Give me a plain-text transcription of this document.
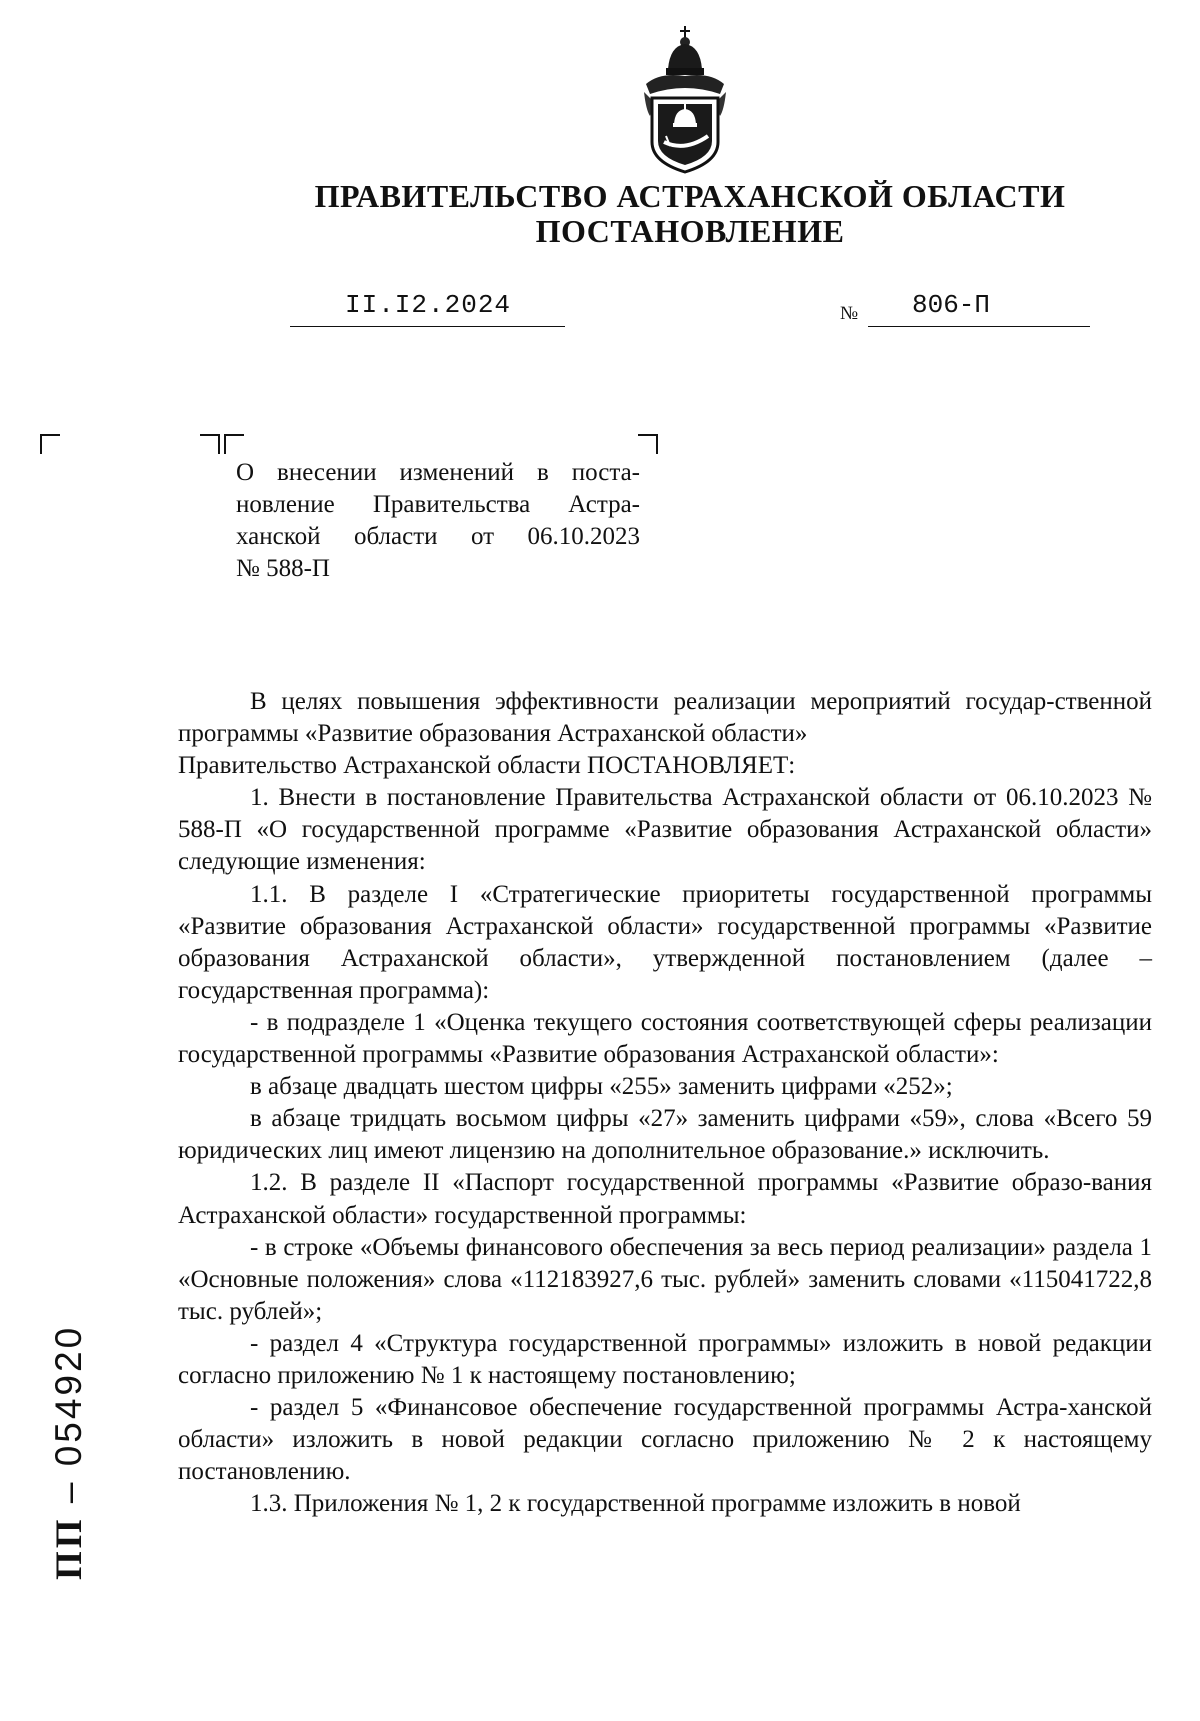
ПРАВИТЕЛЬСТВО АСТРАХАНСКОЙ ОБЛАСТИ
ПОСТАНОВЛЕНИЕ
II.I2.2024	№ 806-П
О внесении изменений в поста-
новление Правительства Астра-
ханской области от 06.10.2023
№ 588-П

В целях повышения эффективности реализации мероприятий государ-ственной программы «Развитие образования Астраханской области»

Правительство Астраханской области ПОСТАНОВЛЯЕТ:

1. Внести в постановление Правительства Астраханской области от 06.10.2023 № 588-П «О государственной программе «Развитие образования Астраханской области» следующие изменения:

1.1. В разделе I «Стратегические приоритеты государственной программы «Развитие образования Астраханской области» государственной программы «Развитие образования Астраханской области», утвержденной постановлением (далее – государственная программа):

- в подразделе 1 «Оценка текущего состояния соответствующей сферы реализации государственной программы «Развитие образования Астраханской области»:

в абзаце двадцать шестом цифры «255» заменить цифрами «252»;

в абзаце тридцать восьмом цифры «27» заменить цифрами «59», слова «Всего 59 юридических лиц имеют лицензию на дополнительное образование.» исключить.

1.2. В разделе II «Паспорт государственной программы «Развитие образо-вания Астраханской области» государственной программы:

- в строке «Объемы финансового обеспечения за весь период реализации» раздела 1 «Основные положения» слова «112183927,6 тыс. рублей» заменить словами «115041722,8 тыс. рублей»;

- раздел 4 «Структура государственной программы» изложить в новой редакции согласно приложению № 1 к настоящему постановлению;

- раздел 5 «Финансовое обеспечение государственной программы Астра-ханской области» изложить в новой редакции согласно приложению № 2 к настоящему постановлению.

1.3. Приложения № 1, 2 к государственной программе изложить в новой

ПП – 054920
